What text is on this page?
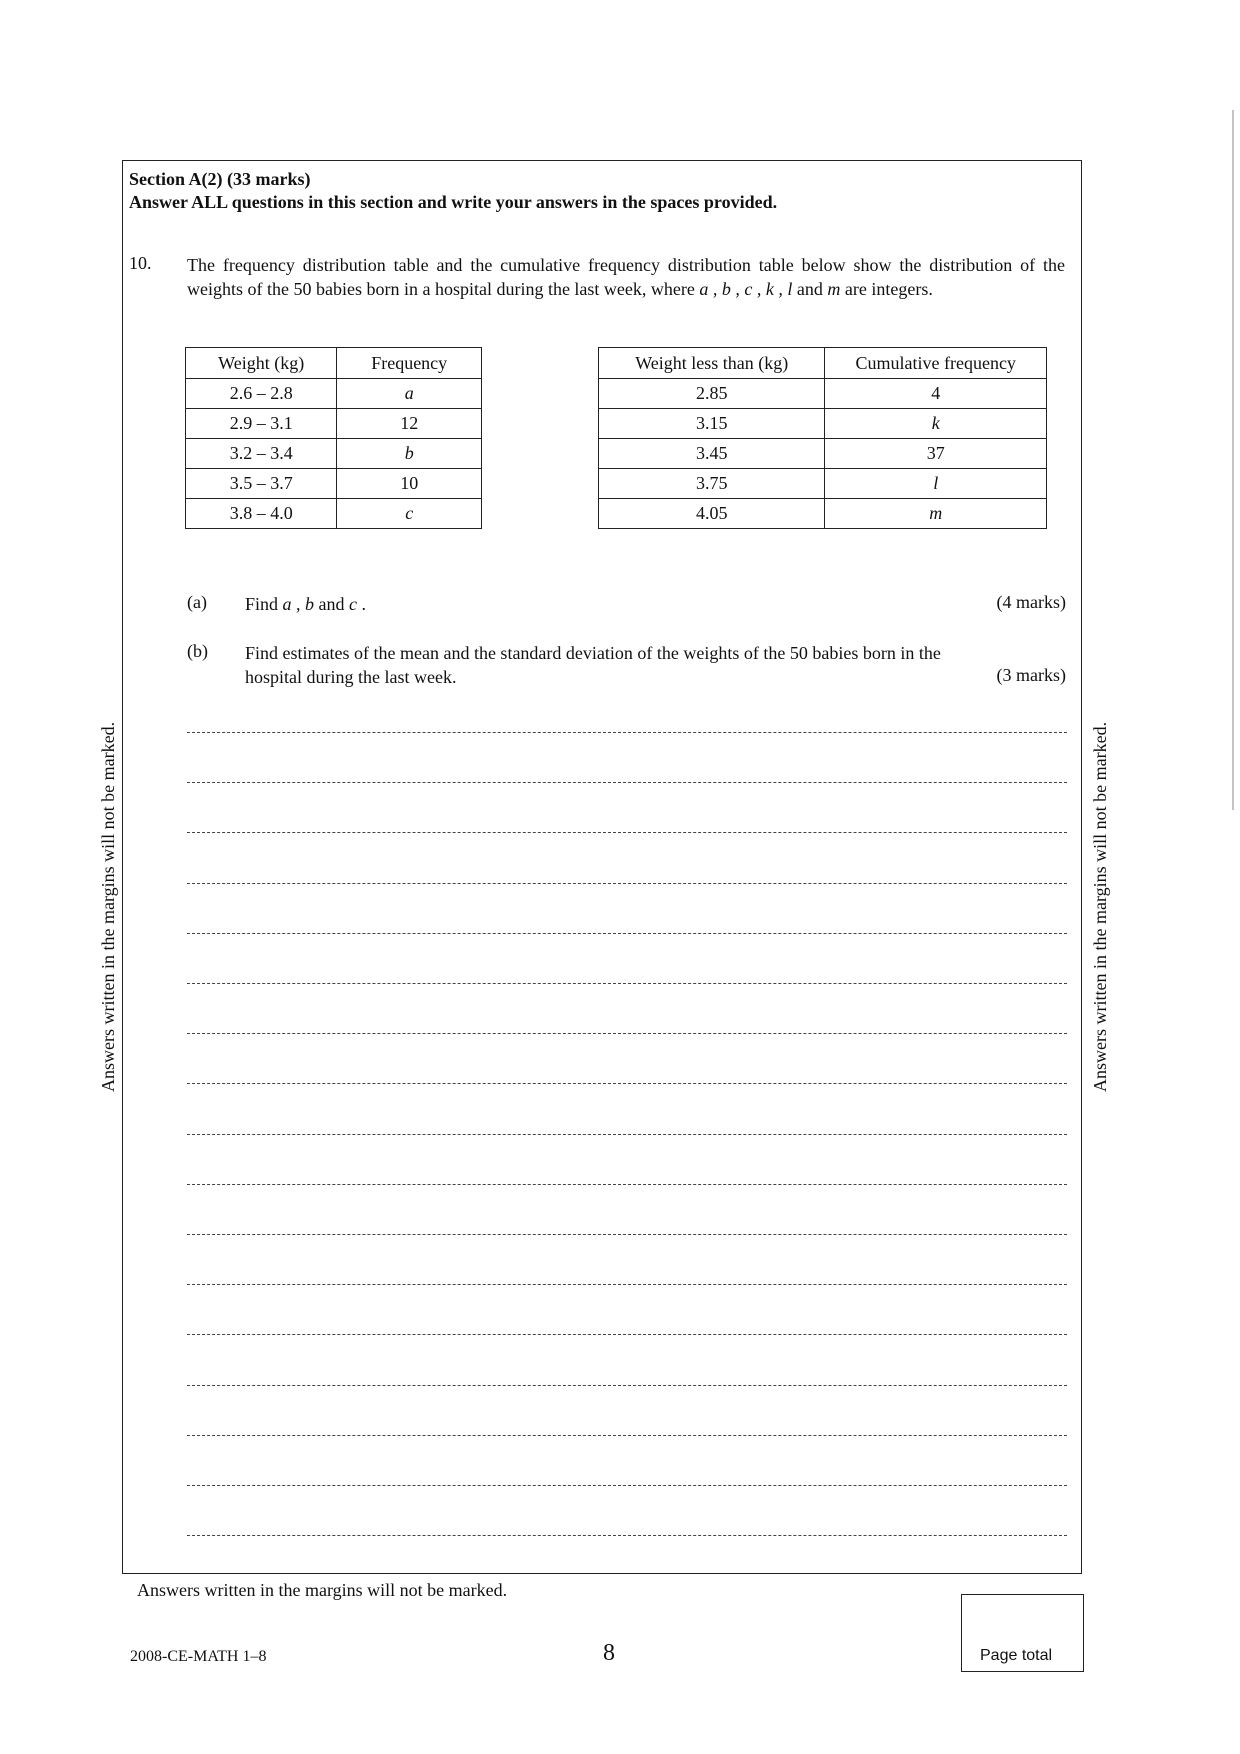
Section A(2) (33 marks)
Answer ALL questions in this section and write your answers in the spaces provided.
10. The frequency distribution table and the cumulative frequency distribution table below show the distribution of the weights of the 50 babies born in a hospital during the last week, where a , b , c , k , l and m are integers.
Weight (kg)	Frequency
2.6 – 2.8	a
2.9 – 3.1	12
3.2 – 3.4	b
3.5 – 3.7	10
3.8 – 4.0	c
Weight less than (kg)	Cumulative frequency
2.85	4
3.15	k
3.45	37
3.75	l
4.05	m
(a) Find a , b and c .	(4 marks)
(b) Find estimates of the mean and the standard deviation of the weights of the 50 babies born in the
hospital during the last week.	(3 marks)
Answers written in the margins will not be marked.	Answers written in the margins will not be marked.
Answers written in the margins will not be marked.
2008-CE-MATH 1–8	8	Page total
